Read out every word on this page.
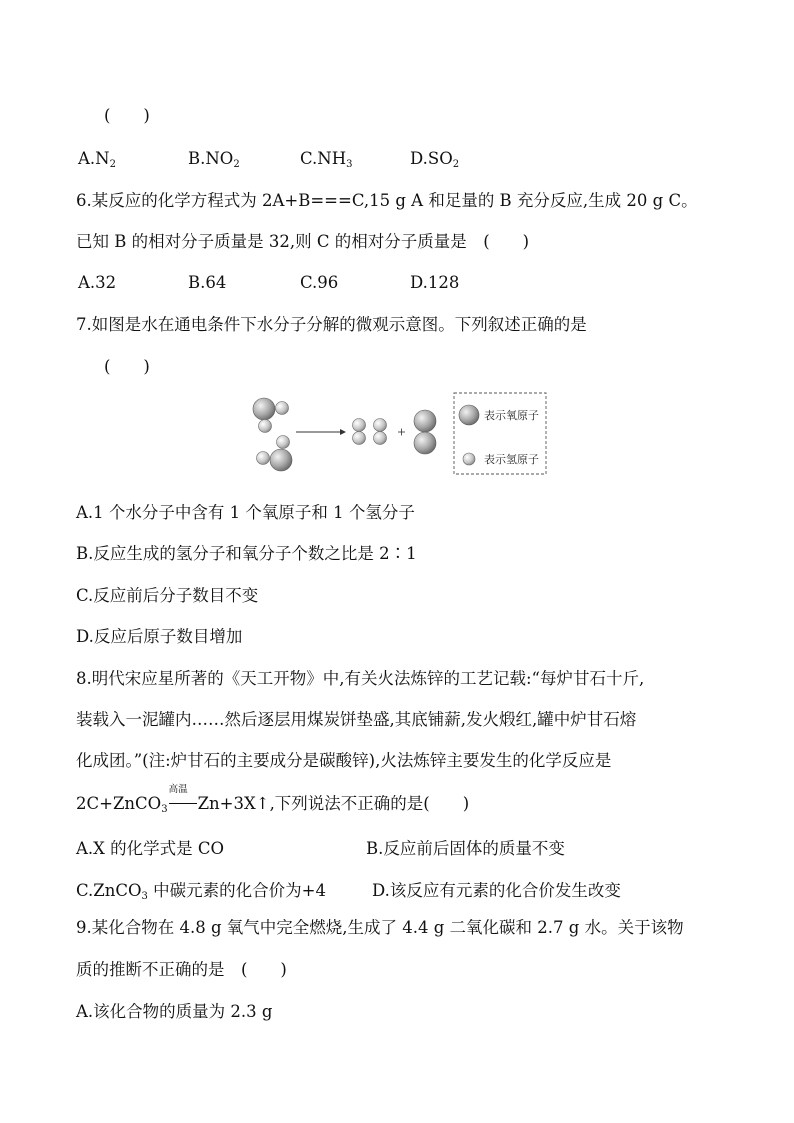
(　　)
$A.N_2$	$B.NO_2$	$C.NH_3$	$D.SO_2$
6.某反应的化学方程式为 2A+B===C,15 g A 和足量的 B 充分反应,生成 20 g C。
已知 B 的相对分子质量是 32,则 C 的相对分子质量是　(　　)
A.32	B.64	C.96	D.128
7.如图是水在通电条件下水分子分解的微观示意图。下列叙述正确的是
(　　)
表示氧原子
表示氢原子
A.1 个水分子中含有 1 个氧原子和 1 个氢分子
B.反应生成的氢分子和氧分子个数之比是 2∶1
C.反应前后分子数目不变
D.反应后原子数目增加
8.明代宋应星所著的《天工开物》中,有关火法炼锌的工艺记载:“每炉甘石十斤,
装载入一泥罐内……然后逐层用煤炭饼垫盛,其底铺薪,发火煅红,罐中炉甘石熔
化成团。”(注:炉甘石的主要成分是碳酸锌),火法炼锌主要发生的化学反应是
2C+ZnCO$_3$
高温
Zn+3X↑,下列说法不正确的是(　　)
A.X 的化学式是 CO	B.反应前后固体的质量不变
C.ZnCO$_3$ 中碳元素的化合价为+4	D.该反应有元素的化合价发生改变
9.某化合物在 4.8 g 氧气中完全燃烧,生成了 4.4 g 二氧化碳和 2.7 g 水。关于该物
质的推断不正确的是　(　　)
A.该化合物的质量为 2.3 g
